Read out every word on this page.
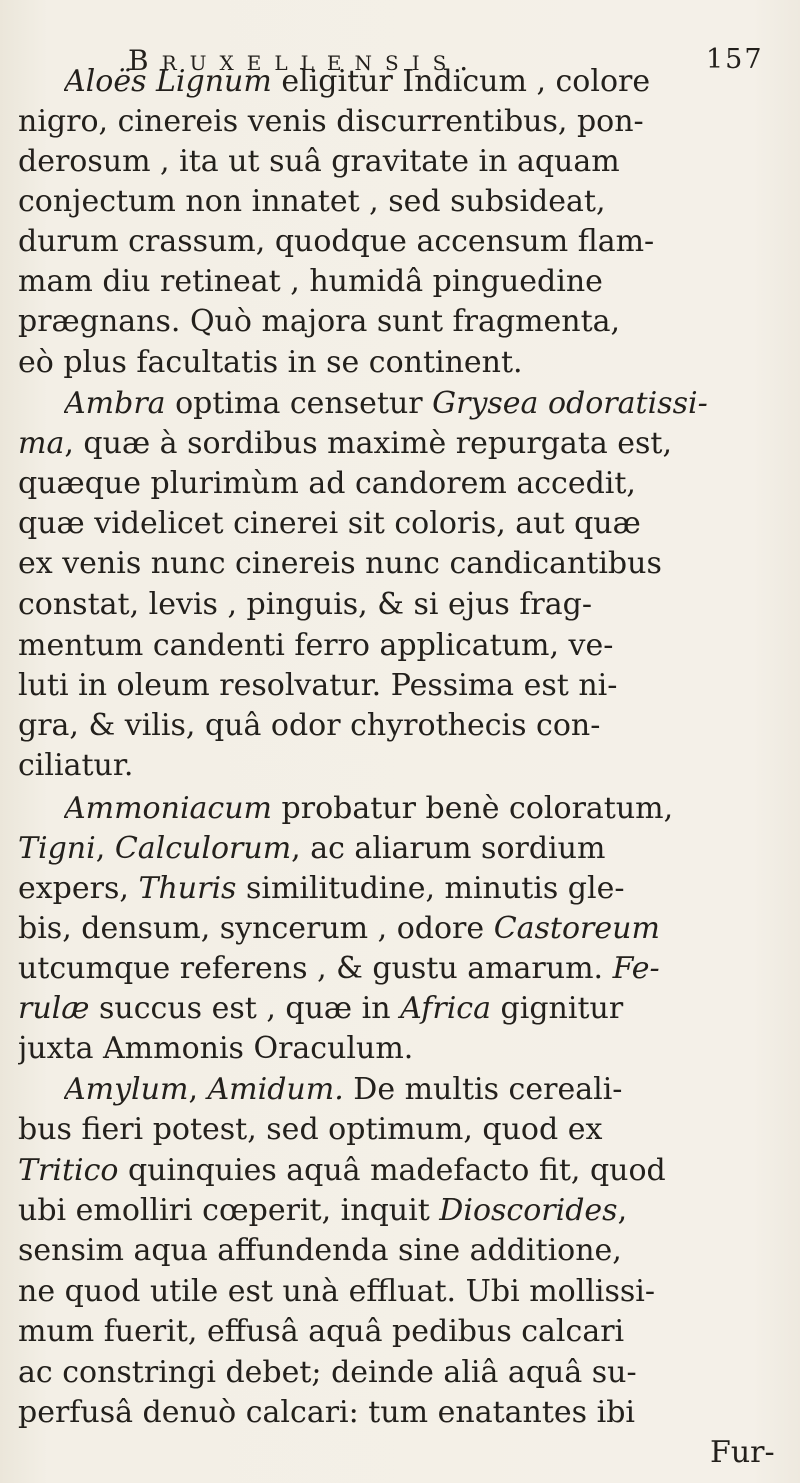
Bruxellensis.	157
Aloës Lignum eligitur Indicum , colore
nigro, cinereis venis discurrentibus, pon-
derosum , ita ut suâ gravitate in aquam
conjectum non innatet , sed subsideat,
durum crassum, quodque accensum flam-
mam diu retineat , humidâ pinguedine
prægnans. Quò majora sunt fragmenta,
eò plus facultatis in se continent.
Ambra optima censetur Grysea odoratissi-
ma, quæ à sordibus maximè repurgata est,
quæque plurimùm ad candorem accedit,
quæ videlicet cinerei sit coloris, aut quæ
ex venis nunc cinereis nunc candicantibus
constat, levis , pinguis, & si ejus frag-
mentum candenti ferro applicatum, ve-
luti in oleum resolvatur. Pessima est ni-
gra, & vilis, quâ odor chyrothecis con-
ciliatur.
Ammoniacum probatur benè coloratum,
Tigni, Calculorum, ac aliarum sordium
expers, Thuris similitudine, minutis gle-
bis, densum, syncerum , odore Castoreum
utcumque referens , & gustu amarum. Fe-
rulæ succus est , quæ in Africa gignitur
juxta Ammonis Oraculum.
Amylum, Amidum. De multis cereali-
bus fieri potest, sed optimum, quod ex
Tritico quinquies aquâ madefacto fit, quod
ubi emolliri cœperit, inquit Dioscorides,
sensim aqua affundenda sine additione,
ne quod utile est unà effluat. Ubi mollissi-
mum fuerit, effusâ aquâ pedibus calcari
ac constringi debet; deinde aliâ aquâ su-
perfusâ denuò calcari: tum enatantes ibi
Fur-
